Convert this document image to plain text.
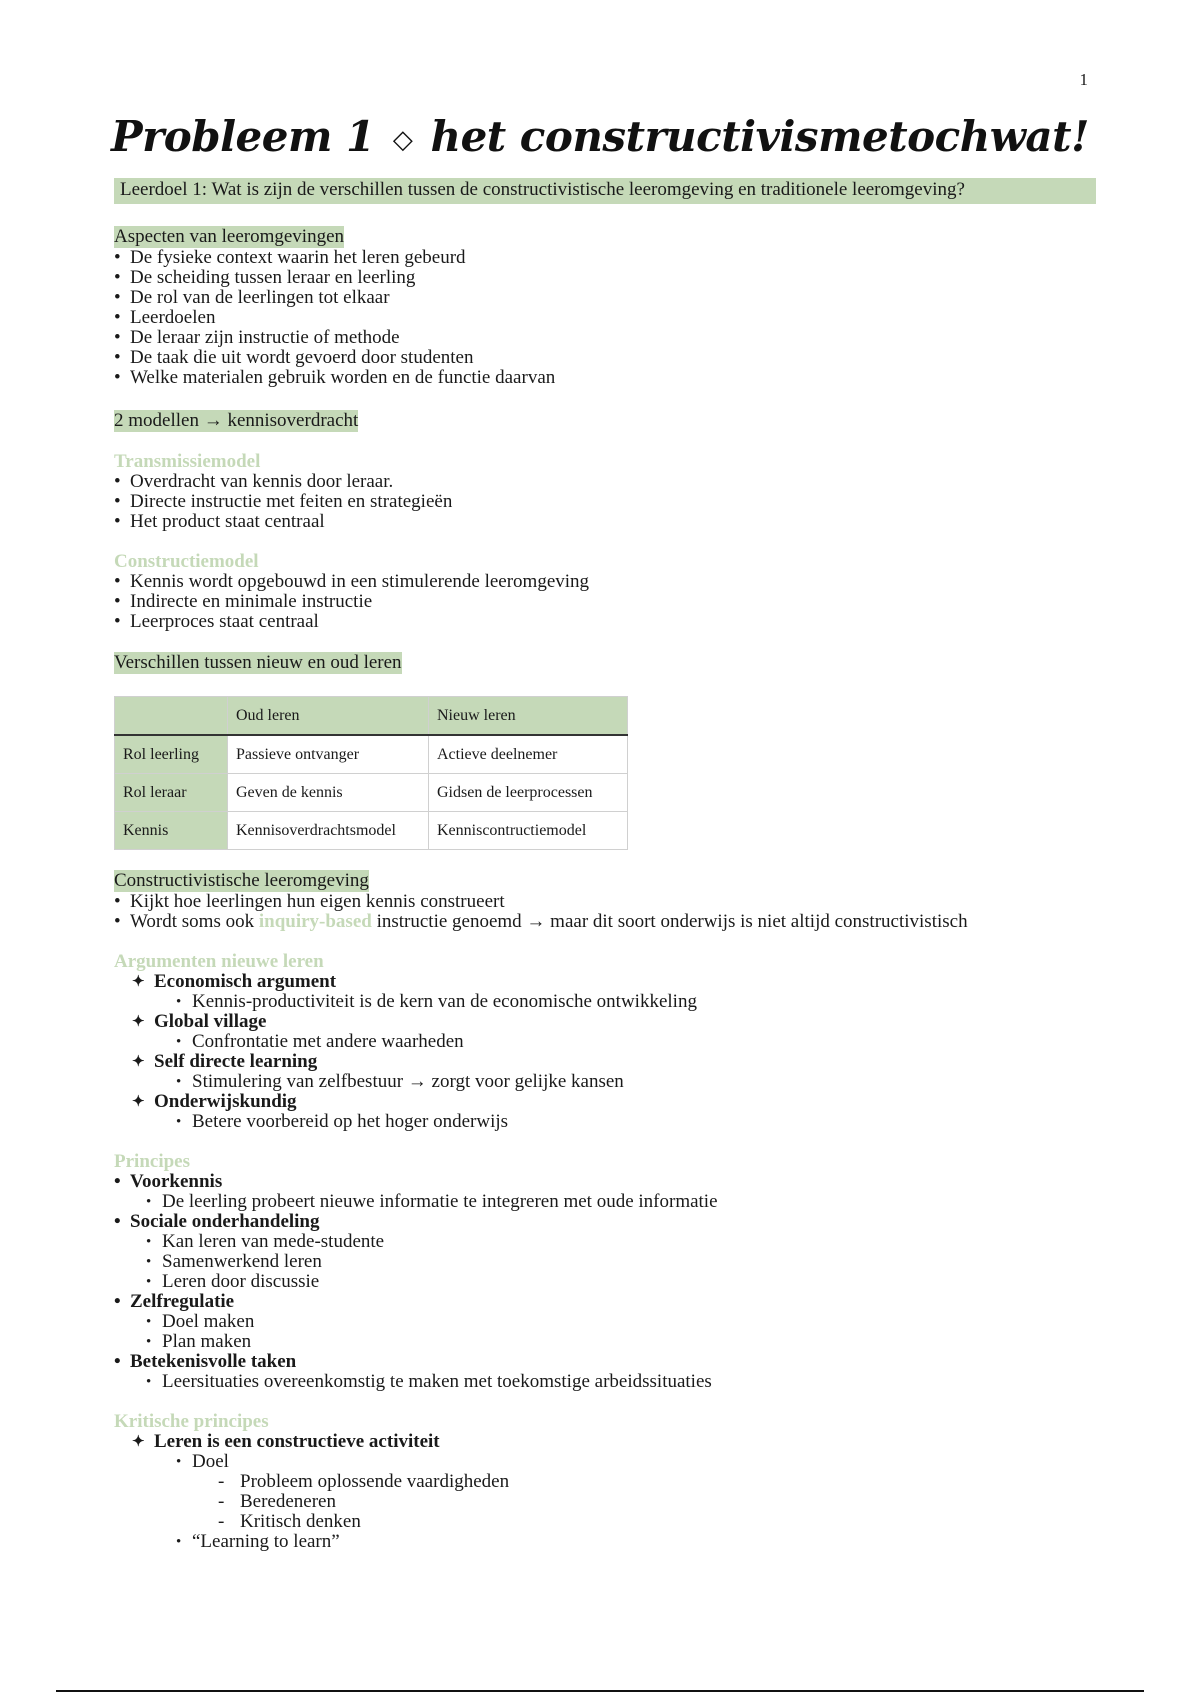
1
Probleem 1 ◇ het constructivismetochwat!
Leerdoel 1: Wat is zijn de verschillen tussen de constructivistische leeromgeving en traditionele leeromgeving?
Aspecten van leeromgevingen
• De fysieke context waarin het leren gebeurd
• De scheiding tussen leraar en leerling
• De rol van de leerlingen tot elkaar
• Leerdoelen
• De leraar zijn instructie of methode
• De taak die uit wordt gevoerd door studenten
• Welke materialen gebruik worden en de functie daarvan
2 modellen → kennisoverdracht
Transmissiemodel
• Overdracht van kennis door leraar.
• Directe instructie met feiten en strategieën
• Het product staat centraal
Constructiemodel
• Kennis wordt opgebouwd in een stimulerende leeromgeving
• Indirecte en minimale instructie
• Leerproces staat centraal
Verschillen tussen nieuw en oud leren
	Oud leren	Nieuw leren
Rol leerling	Passieve ontvanger	Actieve deelnemer
Rol leraar	Geven de kennis	Gidsen de leerprocessen
Kennis	Kennisoverdrachtsmodel	Kenniscontructiemodel
Constructivistische leeromgeving
• Kijkt hoe leerlingen hun eigen kennis construeert
• Wordt soms ook inquiry-based instructie genoemd → maar dit soort onderwijs is niet altijd constructivistisch
Argumenten nieuwe leren
✦ Economisch argument
• Kennis-productiviteit is de kern van de economische ontwikkeling
✦ Global village
• Confrontatie met andere waarheden
✦ Self directe learning
• Stimulering van zelfbestuur → zorgt voor gelijke kansen
✦ Onderwijskundig
• Betere voorbereid op het hoger onderwijs
Principes
• Voorkennis
• De leerling probeert nieuwe informatie te integreren met oude informatie
• Sociale onderhandeling
• Kan leren van mede-studente
• Samenwerkend leren
• Leren door discussie
• Zelfregulatie
• Doel maken
• Plan maken
• Betekenisvolle taken
• Leersituaties overeenkomstig te maken met toekomstige arbeidssituaties
Kritische principes
✦ Leren is een constructieve activiteit
• Doel
- Probleem oplossende vaardigheden
- Beredeneren
- Kritisch denken
• “Learning to learn”
